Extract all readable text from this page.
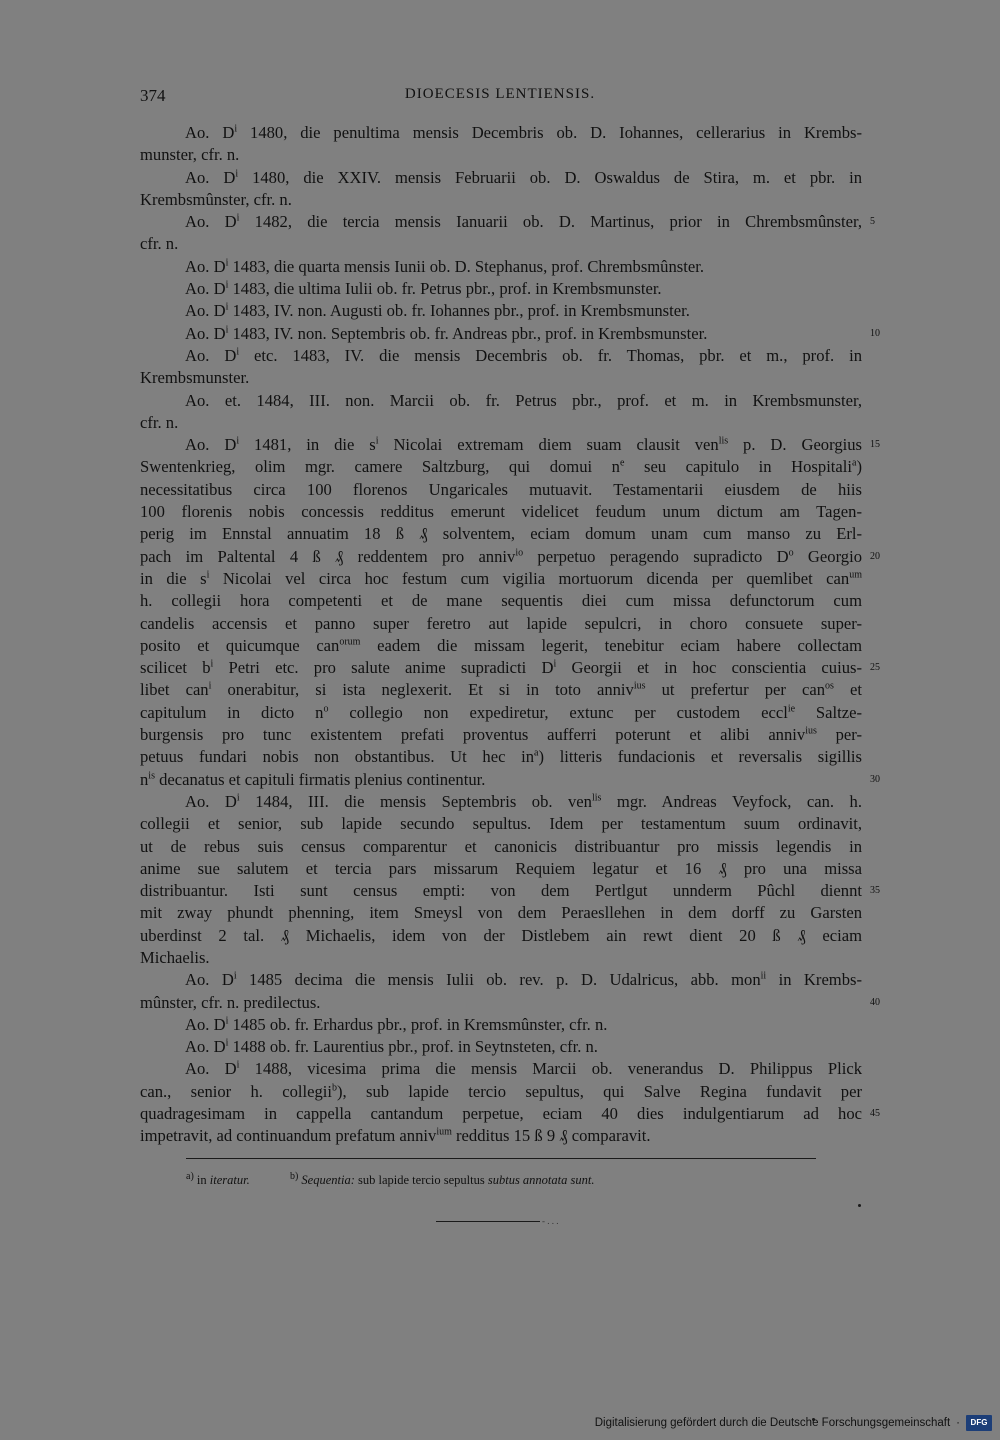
374	DIOECESIS LENTIENSIS.
Ao. $D^i$ 1480, die penultima mensis Decembris ob. D. Iohannes, cellerarius in Krembs-
munster, cfr. n.
Ao. $D^i$ 1480, die XXIV. mensis Februarii ob. D. Oswaldus de Stira, m. et pbr. in
Krembsmûnster, cfr. n.
Ao. $D^i$ 1482, die tercia mensis Ianuarii ob. D. Martinus, prior in Chrembsmûnster, 5
cfr. n.
Ao. $D^i$ 1483, die quarta mensis Iunii ob. D. Stephanus, prof. Chrembsmûnster.
Ao. $D^i$ 1483, die ultima Iulii ob. fr. Petrus pbr., prof. in Krembsmunster.
Ao. $D^i$ 1483, IV. non. Augusti ob. fr. Iohannes pbr., prof. in Krembsmunster.
Ao. $D^i$ 1483, IV. non. Septembris ob. fr. Andreas pbr., prof. in Krembsmunster.	10
Ao. $D^i$ etc. 1483, IV. die mensis Decembris ob. fr. Thomas, pbr. et m., prof. in
Krembsmunster.
Ao. et. 1484, III. non. Marcii ob. fr. Petrus pbr., prof. et m. in Krembsmunster,
cfr. n.
Ao. $D^i$ 1481, in die $s^i$ Nicolai extremam diem suam clausit ven$^{lis}$ p. D. Georgius 15
Swentenkrieg, olim mgr. camere Saltzburg, qui domui $n^e$ seu capitulo in Hospitali$^a$)
necessitatibus circa 100 florenos Ungaricales mutuavit. Testamentarii eiusdem de hiis
100 florenis nobis concessis redditus emerunt videlicet feudum unum dictum am Tagen-
perig im Ennstal annuatim 18 ß ₰ solventem, eciam domum unam cum manso zu Erl-
pach im Paltental 4 ß ₰ reddentem pro anniv$^{io}$ perpetuo peragendo supradicto $D^o$ Georgio 20
in die $s^i$ Nicolai vel circa hoc festum cum vigilia mortuorum dicenda per quemlibet can$^{um}$
h. collegii hora competenti et de mane sequentis diei cum missa defunctorum cum
candelis accensis et panno super feretro aut lapide sepulcri, in choro consuete super-
posito et quicumque can$^{orum}$ eadem die missam legerit, tenebitur eciam habere collectam
scilicet $b^i$ Petri etc. pro salute anime supradicti $D^i$ Georgii et in hoc conscientia cuius- 25
libet can$^i$ onerabitur, si ista neglexerit. Et si in toto anniv$^{ius}$ ut prefertur per can$^{os}$ et
capitulum in dicto $n^o$ collegio non expediretur, extunc per custodem eccl$^{ie}$ Saltze-
burgensis pro tunc existentem prefati proventus aufferri poterunt et alibi anniv$^{ius}$ per-
petuus fundari nobis non obstantibus. Ut hec $in^a$) litteris fundacionis et reversalis sigillis
$n^{is}$ decanatus et capituli firmatis plenius continentur.	30
Ao. $D^i$ 1484, III. die mensis Septembris ob. ven$^{lis}$ mgr. Andreas Veyfock, can. h.
collegii et senior, sub lapide secundo sepultus. Idem per testamentum suum ordinavit,
ut de rebus suis census comparentur et canonicis distribuantur pro missis legendis in
anime sue salutem et tercia pars missarum Requiem legatur et 16 ₰ pro una missa
distribuantur. Isti sunt census empti: von dem Pertlgut unnderm Pûchl diennt 35
mit zway phundt phenning, item Smeysl von dem Peraesllehen in dem dorff zu Garsten
uberdinst 2 tal. ₰ Michaelis, idem von der Distlebem ain rewt dient 20 ß ₰ eciam
Michaelis.
Ao. $D^i$ 1485 decima die mensis Iulii ob. rev. p. D. Udalricus, abb. mon$^{ii}$ in Krembs-
mûnster, cfr. n. predilectus.	40
Ao. $D^i$ 1485 ob. fr. Erhardus pbr., prof. in Kremsmûnster, cfr. n.
Ao. $D^i$ 1488 ob. fr. Laurentius pbr., prof. in Seytnsteten, cfr. n.
Ao. $D^i$ 1488, vicesima prima die mensis Marcii ob. venerandus D. Philippus Plick
can., senior h. collegii$^b$), sub lapide tercio sepultus, qui Salve Regina fundavit per
quadragesimam in cappella cantandum perpetue, eciam 40 dies indulgentiarum ad hoc 45
impetravit, ad continuandum prefatum anniv$^{ium}$ redditus 15 ß 9 ₰ comparavit.
$^{a)}$ in iteratur.	$^{b)}$ Sequentia: sub lapide tercio sepultus subtus annotata sunt.
- . . .
Digitalisierung gefördert durch die Deutsche Forschungsgemeinschaft ·	DFG
